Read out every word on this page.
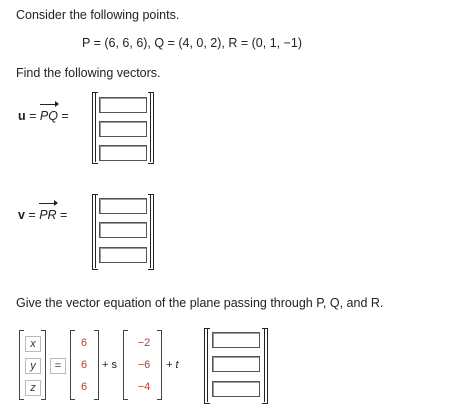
Consider the following points.
P = (6, 6, 6), Q = (4, 0, 2), R = (0, 1, −1)
Find the following vectors.
u =
PQ =
v =
PR =
Give the vector equation of the plane passing through P, Q, and R.
x
y
z
=
6
6
6
+ s
−2
−6
−4
+ t
